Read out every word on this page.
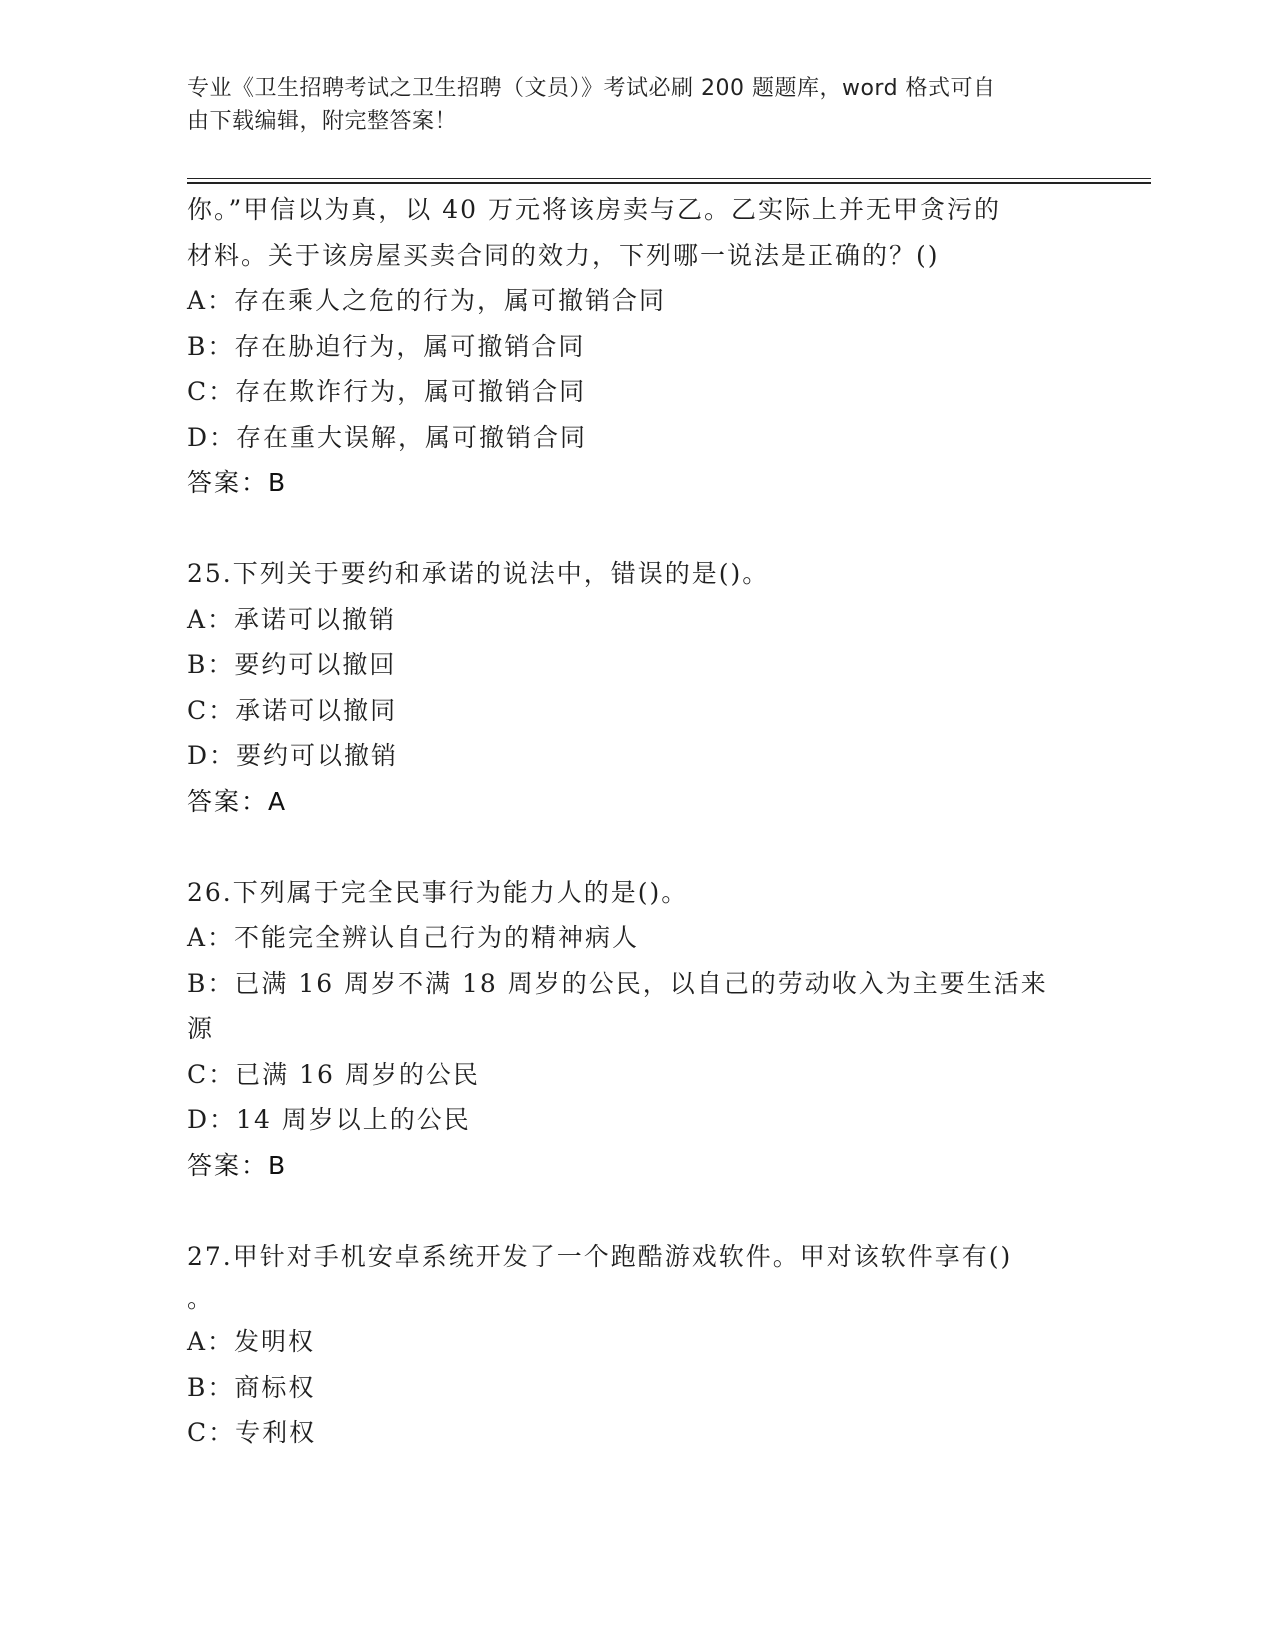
专业《卫生招聘考试之卫生招聘（文员）》考试必刷 200 题题库，word 格式可自
由下载编辑，附完整答案！
你。”甲信以为真，以 40 万元将该房卖与乙。乙实际上并无甲贪污的
材料。关于该房屋买卖合同的效力，下列哪一说法是正确的？()
A：存在乘人之危的行为，属可撤销合同
B：存在胁迫行为，属可撤销合同
C：存在欺诈行为，属可撤销合同
D：存在重大误解，属可撤销合同
答案：B
25.下列关于要约和承诺的说法中，错误的是()。
A：承诺可以撤销
B：要约可以撤回
C：承诺可以撤同
D：要约可以撤销
答案：A
26.下列属于完全民事行为能力人的是()。
A：不能完全辨认自己行为的精神病人
B：已满 16 周岁不满 18 周岁的公民，以自己的劳动收入为主要生活来
源
C：已满 16 周岁的公民
D：14 周岁以上的公民
答案：B
27.甲针对手机安卓系统开发了一个跑酷游戏软件。甲对该软件享有()
。
A：发明权
B：商标权
C：专利权
